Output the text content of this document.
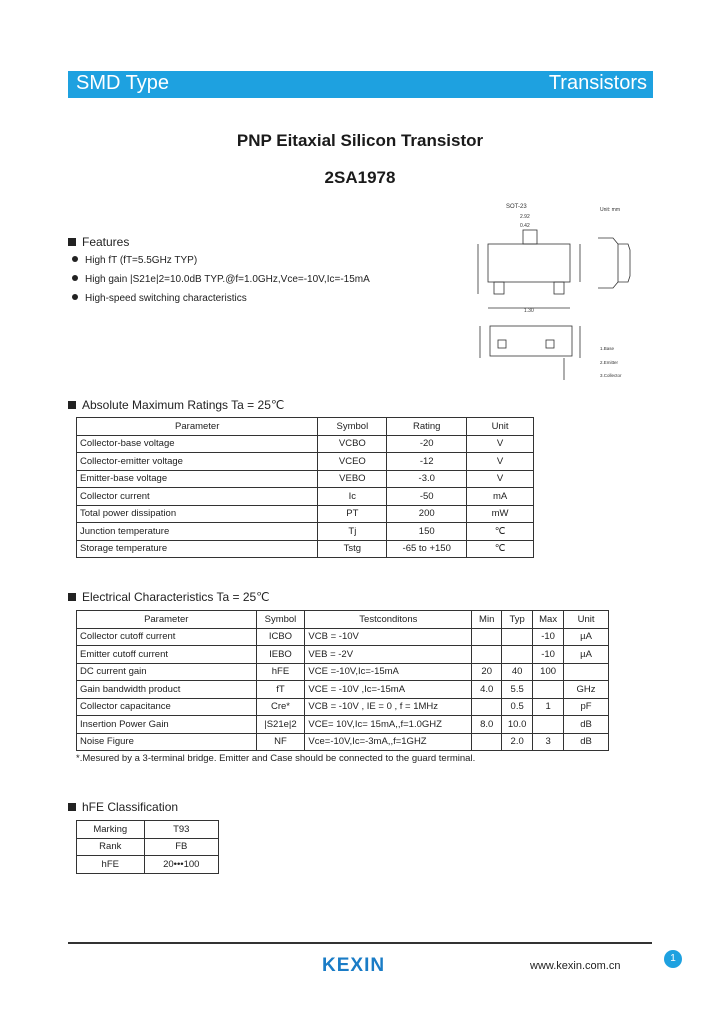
SMD Type	Transistors
PNP Eitaxial Silicon Transistor
2SA1978
SOT-23	Unit: mm
2.92
0.42
1.30
1.Base
2.Emitter
3.Collector
Features
High fT (fT=5.5GHz TYP)
High gain |S21e|2=10.0dB TYP.@f=1.0GHz,Vce=-10V,Ic=-15mA
High-speed switching characteristics
Absolute Maximum Ratings Ta = 25℃
Parameter	Symbol	Rating	Unit
Collector-base voltage	VCBO	-20	V
Collector-emitter voltage	VCEO	-12	V
Emitter-base voltage	VEBO	-3.0	V
Collector current	Ic	-50	mA
Total power dissipation	PT	200	mW
Junction temperature	Tj	150	℃
Storage temperature	Tstg	-65 to +150	℃
Electrical Characteristics Ta = 25℃
Parameter	Symbol	Testconditons	Min	Typ	Max	Unit
Collector cutoff current	ICBO	VCB = -10V			-10	µA
Emitter cutoff current	IEBO	VEB = -2V			-10	µA
DC current gain	hFE	VCE =-10V,Ic=-15mA	20	40	100	
Gain bandwidth product	fT	VCE = -10V ,Ic=-15mA	4.0	5.5		GHz
Collector capacitance	Cre*	VCB = -10V , IE = 0 , f = 1MHz		0.5	1	pF
Insertion Power Gain	|S21e|2	VCE= 10V,Ic= 15mA,,f=1.0GHZ	8.0	10.0		dB
Noise Figure	NF	Vce=-10V,Ic=-3mA,,f=1GHZ		2.0	3	dB
*.Mesured by a 3-terminal bridge. Emitter and Case should be connected to the guard terminal.
hFE Classification
Marking	T93
Rank	FB
hFE	20•••100
KEXIN	www.kexin.com.cn
1
